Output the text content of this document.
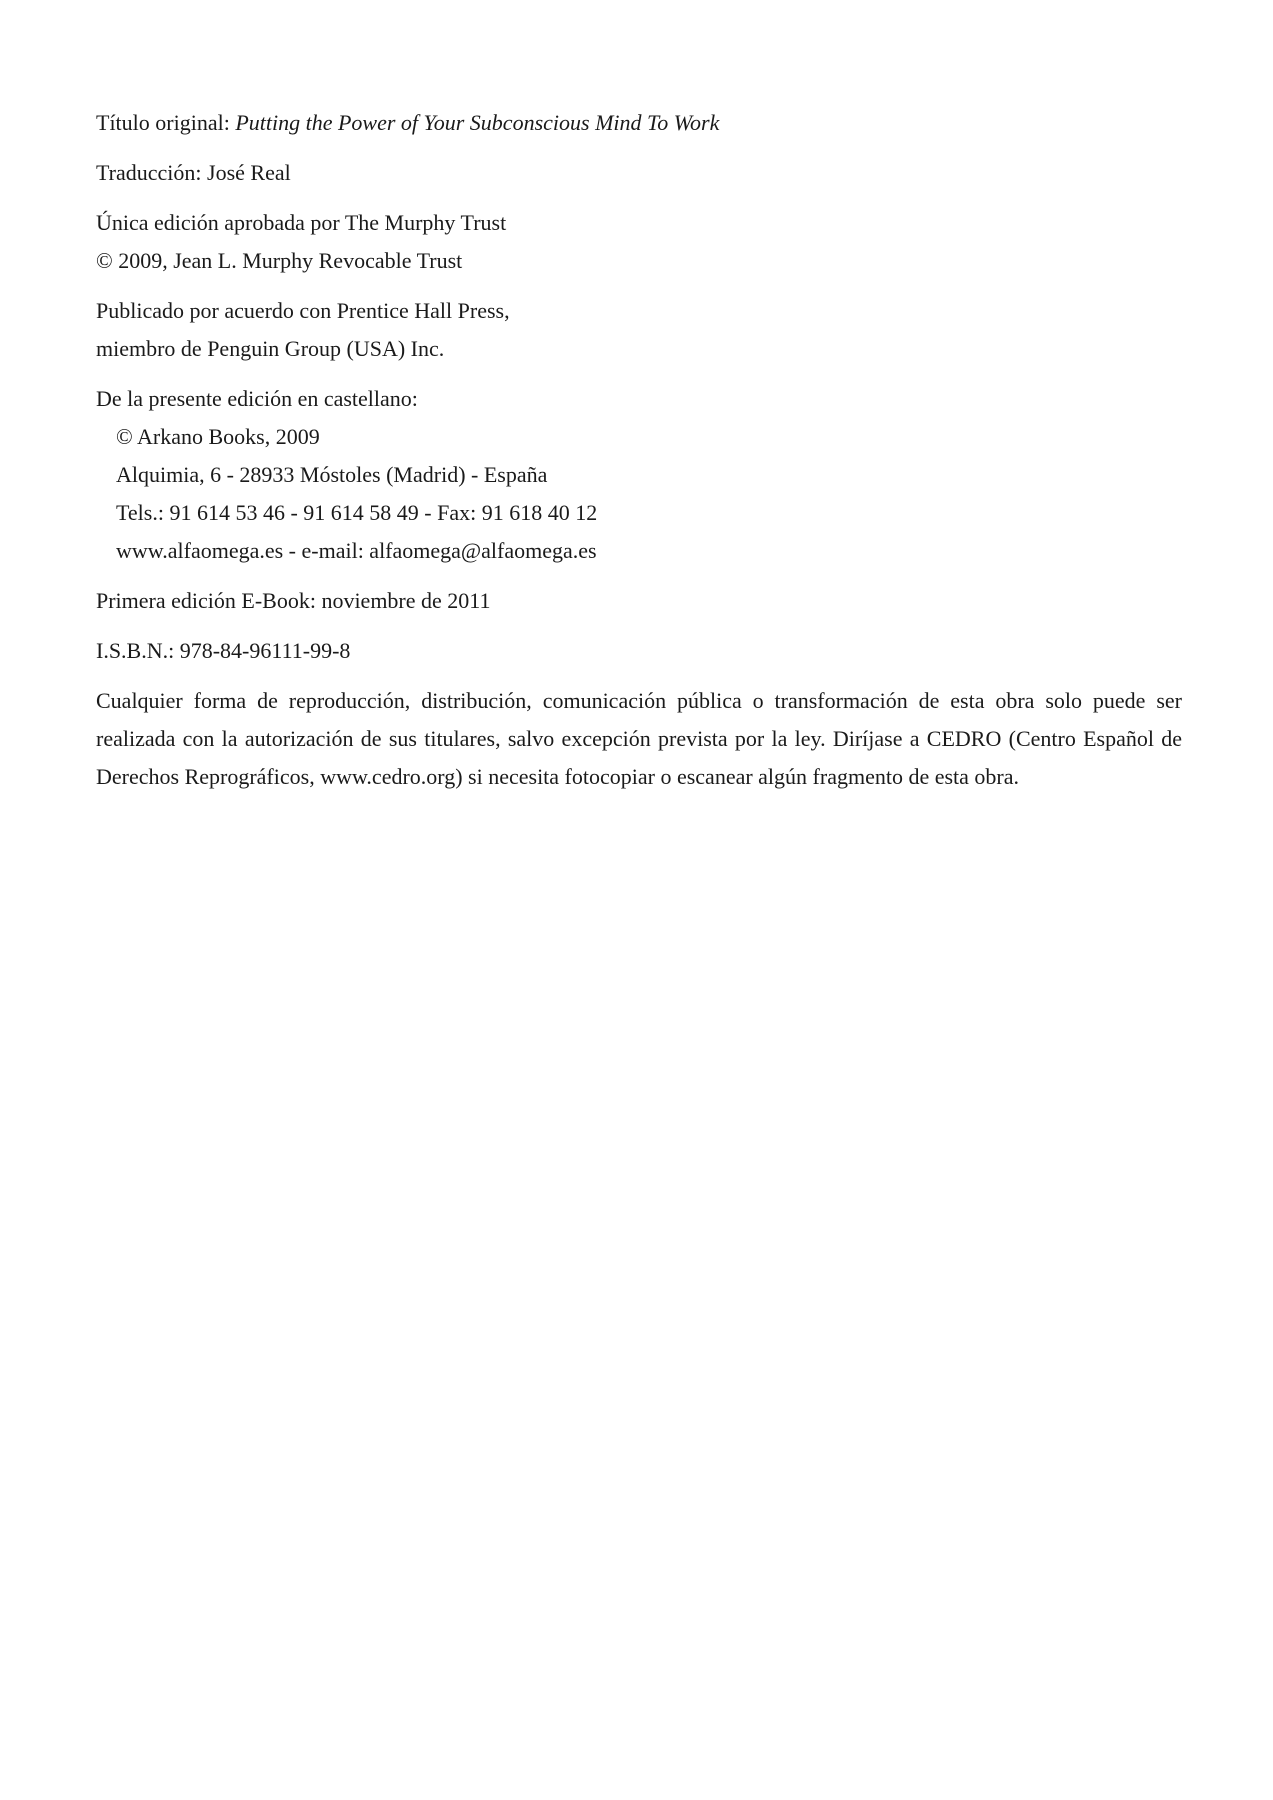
Título original: Putting the Power of Your Subconscious Mind To Work
Traducción: José Real
Única edición aprobada por The Murphy Trust
© 2009, Jean L. Murphy Revocable Trust
Publicado por acuerdo con Prentice Hall Press,
miembro de Penguin Group (USA) Inc.
De la presente edición en castellano:
© Arkano Books, 2009
Alquimia, 6 - 28933 Móstoles (Madrid) - España
Tels.: 91 614 53 46 - 91 614 58 49 - Fax: 91 618 40 12
www.alfaomega.es - e-mail: alfaomega@alfaomega.es
Primera edición E-Book: noviembre de 2011
I.S.B.N.: 978-84-96111-99-8

Cualquier forma de reproducción, distribución, comunicación pública o transformación de esta obra solo puede ser realizada con la autorización de sus titulares, salvo excepción prevista por la ley. Diríjase a CEDRO (Centro Español de Derechos Reprográficos, www.cedro.org) si necesita fotocopiar o escanear algún fragmento de esta obra.
